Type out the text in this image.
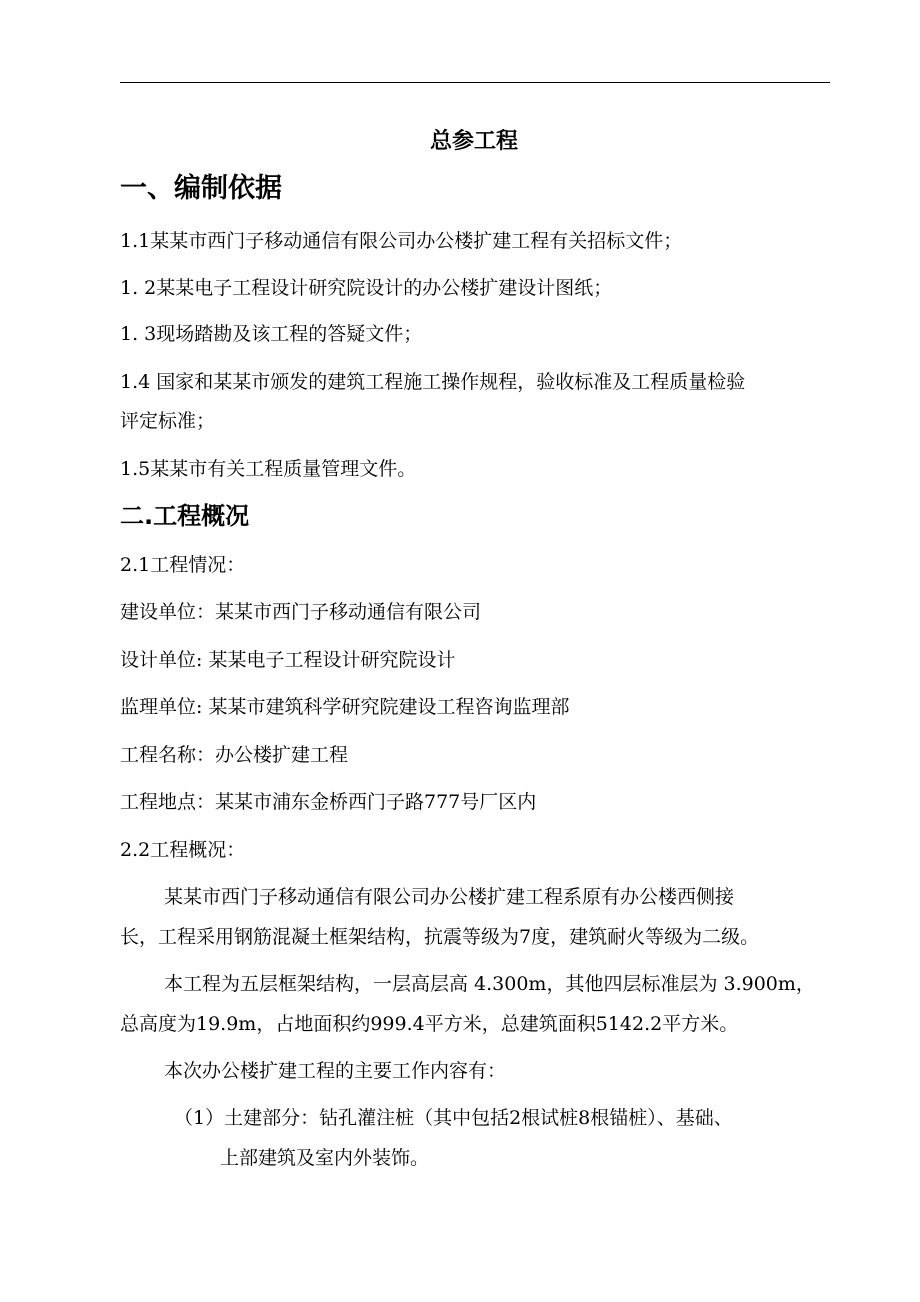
总参工程
一、编制依据
1.1某某市西门子移动通信有限公司办公楼扩建工程有关招标文件；
1. 2某某电子工程设计研究院设计的办公楼扩建设计图纸；
1. 3现场踏勘及该工程的答疑文件；
1.4 国家和某某市颁发的建筑工程施工操作规程，验收标准及工程质量检验
评定标准；
1.5某某市有关工程质量管理文件。
二.工程概况
2.1工程情况：
建设单位：某某市西门子移动通信有限公司
设计单位: 某某电子工程设计研究院设计
监理单位: 某某市建筑科学研究院建设工程咨询监理部
工程名称：办公楼扩建工程
工程地点：某某市浦东金桥西门子路777号厂区内
2.2工程概况：
某某市西门子移动通信有限公司办公楼扩建工程系原有办公楼西侧接
长，工程采用钢筋混凝土框架结构，抗震等级为7度，建筑耐火等级为二级。
本工程为五层框架结构，一层高层高 4.300m，其他四层标准层为 3.900m，
总高度为19.9m，占地面积约999.4平方米，总建筑面积5142.2平方米。
本次办公楼扩建工程的主要工作内容有：
（1）土建部分：钻孔灌注桩（其中包括2根试桩8根锚桩）、基础、
上部建筑及室内外装饰。
